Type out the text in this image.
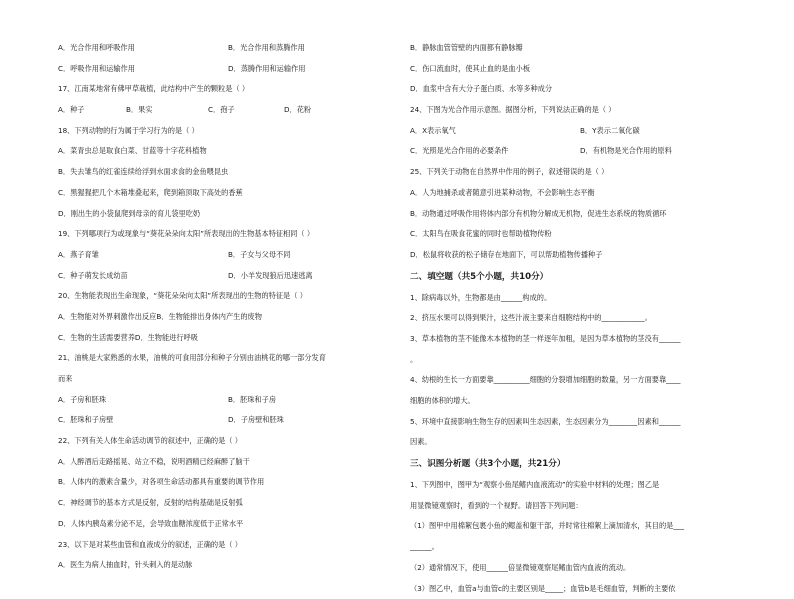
A．光合作用和呼吸作用	B．光合作用和蒸腾作用
C．呼吸作用和运输作用	D．蒸腾作用和运输作用
17、江南某地常有佛甲草栽植，此结构中产生的颗粒是（ ）
A．种子	B．果实	C．孢子	D．花粉
18、下列动物的行为属于学习行为的是（ ）
A．菜青虫总是取食白菜、甘蓝等十字花科植物
B．失去雏鸟的红雀连续给浮到水面求食的金鱼喂昆虫
C．黑猩猩把几个木箱堆叠起来，爬到箱顶取下高处的香蕉
D．刚出生的小袋鼠爬到母亲的育儿袋里吃奶
19、下列哪项行为或现象与“葵花朵朵向太阳”所表现出的生物基本特征相同（ ）
A．燕子育雏	B．子女与父母不同
C．种子萌发长成幼苗	D．小羊发现狼后迅速逃离
20、生物能表现出生命现象，“葵花朵朵向太阳”所表现出的生物的特征是（ ）
A．生物能对外界刺激作出反应B．生物能排出身体内产生的废物
C．生物的生活需要营养D．生物能进行呼吸
21、油桃是大家熟悉的水果，油桃的可食用部分和种子分别由油桃花的哪一部分发育
而来
A．子房和胚珠	B．胚珠和子房
C．胚珠和子房壁	D．子房壁和胚珠
22、下列有关人体生命活动调节的叙述中，正确的是（ ）
A．人醉酒后走路摇晃、站立不稳，说明酒精已经麻醉了脑干
B．人体内的激素含量少，对各项生命活动都具有重要的调节作用
C．神经调节的基本方式是反射，反射的结构基础是反射弧
D．人体内胰岛素分泌不足，会导致血糖浓度低于正常水平
23、以下是对某些血管和血液成分的叙述，正确的是（ ）
A．医生为病人抽血时，针头刺入的是动脉
B．静脉血管管壁的内面都有静脉瓣
C．伤口流血时，使其止血的是血小板
D．血浆中含有大分子蛋白质、水等多种成分
24、下图为光合作用示意图。据图分析，下列说法正确的是（ ）
A．X表示氧气	B．Y表示二氧化碳
C．光照是光合作用的必要条件	D．有机物是光合作用的原料
25、下列关于动物在自然界中作用的例子，叙述错误的是（ ）
A．人为地捕杀或者随意引进某种动物，不会影响生态平衡
B．动物通过呼吸作用将体内部分有机物分解成无机物，促进生态系统的物质循环
C．太阳鸟在吸食花蜜的同时也帮助植物传粉
D．松鼠将收获的松子储存在地面下，可以帮助植物传播种子
二、填空题（共5个小题，共10分）
1、除病毒以外，生物都是由______构成的。
2、挤压水果可以得到果汁，这些汁液主要来自细胞结构中的____________。
3、草本植物的茎不能像木本植物的茎一样逐年加粗，是因为草本植物的茎没有______
。
4、幼根的生长一方面要靠__________细胞的分裂增加细胞的数量，另一方面要靠____
细胞的体积的增大。
5、环境中直接影响生物生存的因素叫生态因素，生态因素分为________因素和______
因素。
三、识图分析题（共3个小题，共21分）
1、下列图中，图甲为“观察小鱼尾鳍内血液流动”的实验中材料的处理；图乙是
用显微镜观察时，看到的一个视野。请回答下列问题：
（1）图甲中用棉絮包裹小鱼的鳃盖和躯干部，并时常往棉絮上滴加清水，其目的是___
______。
（2）通常情况下，使用______倍显微镜观察尾鳍血管内血液的流动。
（3）图乙中，血管a与血管c的主要区别是_____；血管b是毛细血管，判断的主要依
